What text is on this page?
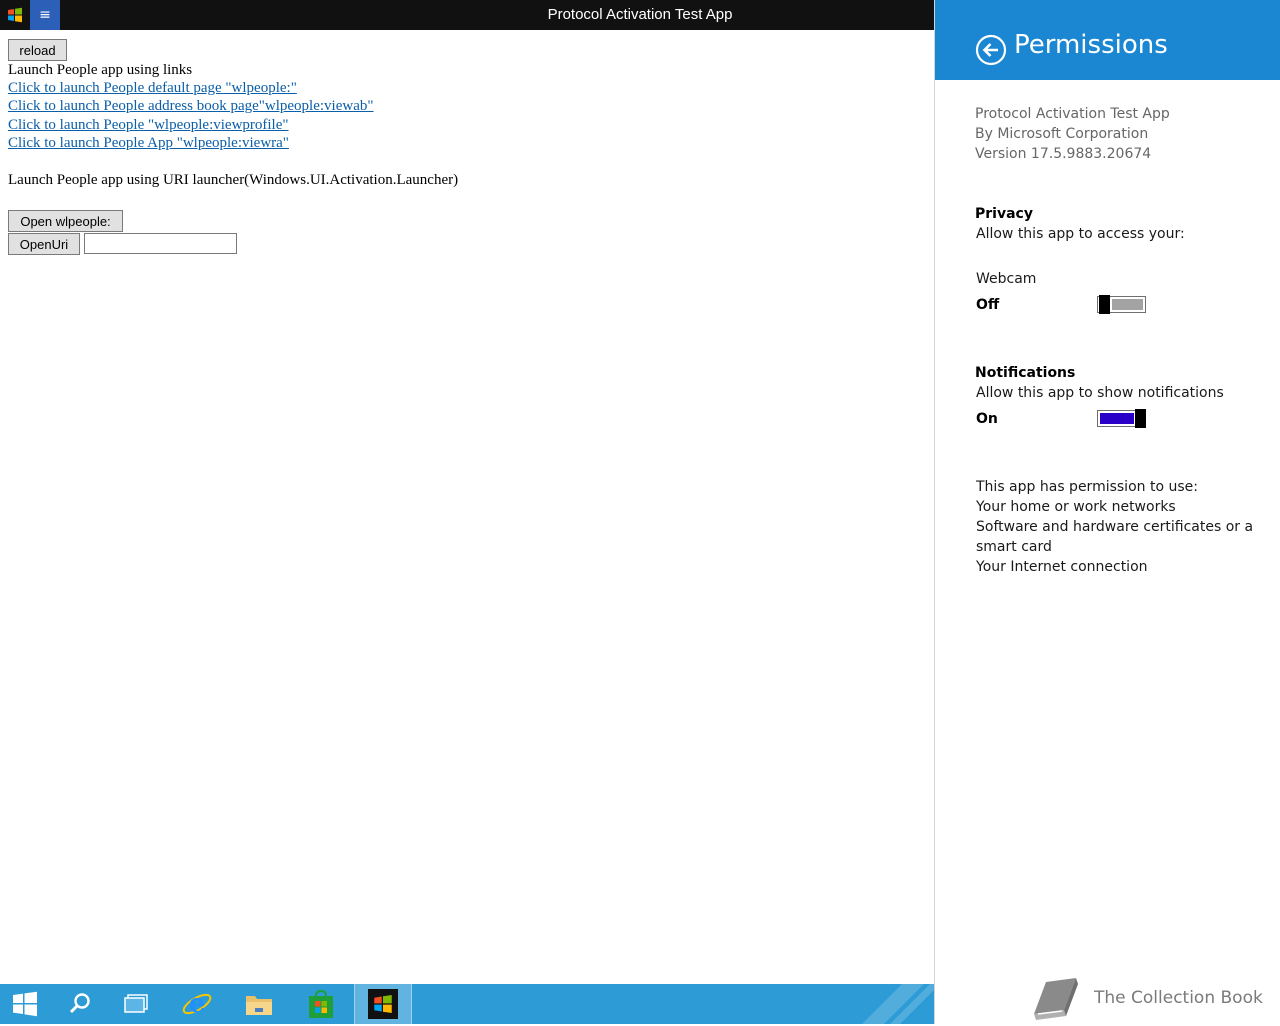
≡	Protocol Activation Test App
reload
Launch People app using links
Click to launch People default page "wlpeople:"
Click to launch People address book page"wlpeople:viewab"
Click to launch People "wlpeople:viewprofile"
Click to launch People App "wlpeople:viewra"
Launch People app using URI launcher(Windows.UI.Activation.Launcher)
Open wlpeople:
OpenUri
Permissions
Protocol Activation Test App
By Microsoft Corporation
Version 17.5.9883.20674
Privacy
Allow this app to access your:
Webcam
Off
Notifications
Allow this app to show notifications
On
This app has permission to use:
Your home or work networks
Software and hardware certificates or a
smart card
Your Internet connection
e	The Collection Book
